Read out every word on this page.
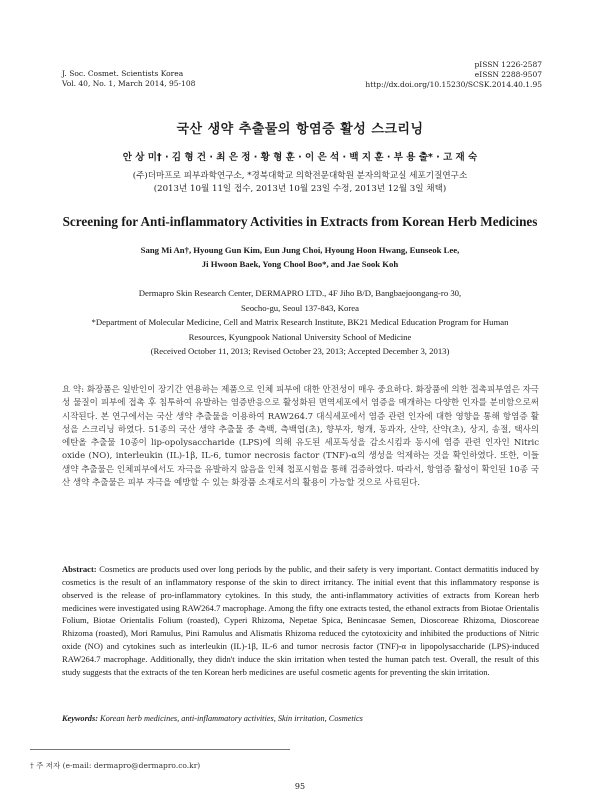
J. Soc. Cosmet. Scientists Korea
Vol. 40, No. 1, March 2014, 95-108
pISSN 1226-2587
eISSN 2288-9507
http://dx.doi.org/10.15230/SCSK.2014.40.1.95
국산 생약 추출물의 항염증 활성 스크리닝
안 상 미† · 김 형 건 · 최 은 정 · 황 형 훈 · 이 은 석 · 백 지 훈 · 부 용 출* · 고 재 숙
(주)더마프로 피부과학연구소, *경북대학교 의학전문대학원 분자의학교실 세포기질연구소
(2013년 10월 11일 접수, 2013년 10월 23일 수정, 2013년 12월 3일 채택)
Screening for Anti-inflammatory Activities in Extracts from Korean Herb Medicines
Sang Mi An†, Hyoung Gun Kim, Eun Jung Choi, Hyoung Hoon Hwang, Eunseok Lee,
Ji Hwoon Baek, Yong Chool Boo*, and Jae Sook Koh
Dermapro Skin Research Center, DERMAPRO LTD., 4F Jiho B/D, Bangbaejoongang-ro 30,
Seocho-gu, Seoul 137-843, Korea
*Department of Molecular Medicine, Cell and Matrix Research Institute, BK21 Medical Education Program for Human
Resources, Kyungpook National University School of Medicine
(Received October 11, 2013; Revised October 23, 2013; Accepted December 3, 2013)
요 약: 화장품은 일반인이 장기간 연용하는 제품으로 인체 피부에 대한 안전성이 매우 중요하다. 화장품에 의한 접촉피부염은 자극성 물질이 피부에 접촉 후 침투하여 유발하는 염증반응으로 활성화된 면역세포에서 염증을 매개하는 다양한 인자를 분비함으로써 시작된다. 본 연구에서는 국산 생약 추출물을 이용하여 RAW264.7 대식세포에서 염증 관련 인자에 대한 영향을 통해 항염증 활성을 스크리닝 하였다. 51종의 국산 생약 추출물 중 측백, 측백엽(초), 향부자, 형개, 동과자, 산약, 산약(초), 상지, 송절, 택사의 에탄올 추출물 10종이 lip-opolysaccharide (LPS)에 의해 유도된 세포독성을 감소시킴과 동시에 염증 관련 인자인 Nitric oxide (NO), interleukin (IL)-1β, IL-6, tumor necrosis factor (TNF)-α의 생성을 억제하는 것을 확인하였다. 또한, 이들 생약 추출물은 인체피부에서도 자극을 유발하지 않음을 인체 첩포시험을 통해 검증하였다. 따라서, 항염증 활성이 확인된 10종 국산 생약 추출물은 피부 자극을 예방할 수 있는 화장품 소재로서의 활용이 가능할 것으로 사료된다.
Abstract: Cosmetics are products used over long periods by the public, and their safety is very important. Contact dermatitis induced by cosmetics is the result of an inflammatory response of the skin to direct irritancy. The initial event that this inflammatory response is observed is the release of pro-inflammatory cytokines. In this study, the anti-inflammatory activities of extracts from Korean herb medicines were investigated using RAW264.7 macrophage. Among the fifty one extracts tested, the ethanol extracts from Biotae Orientalis Folium, Biotae Orientalis Folium (roasted), Cyperi Rhizoma, Nepetae Spica, Benincasae Semen, Dioscoreae Rhizoma, Dioscoreae Rhizoma (roasted), Mori Ramulus, Pini Ramulus and Alismatis Rhizoma reduced the cytotoxicity and inhibited the productions of Nitric oxide (NO) and cytokines such as interleukin (IL)-1β, IL-6 and tumor necrosis factor (TNF)-α in lipopolysaccharide (LPS)-induced RAW264.7 macrophage. Additionally, they didn't induce the skin irritation when tested the human patch test. Overall, the result of this study suggests that the extracts of the ten Korean herb medicines are useful cosmetic agents for preventing the skin irritation.
Keywords: Korean herb medicines, anti-inflammatory activities, Skin irritation, Cosmetics
† 주 저자 (e-mail: dermapro@dermapro.co.kr)
95
